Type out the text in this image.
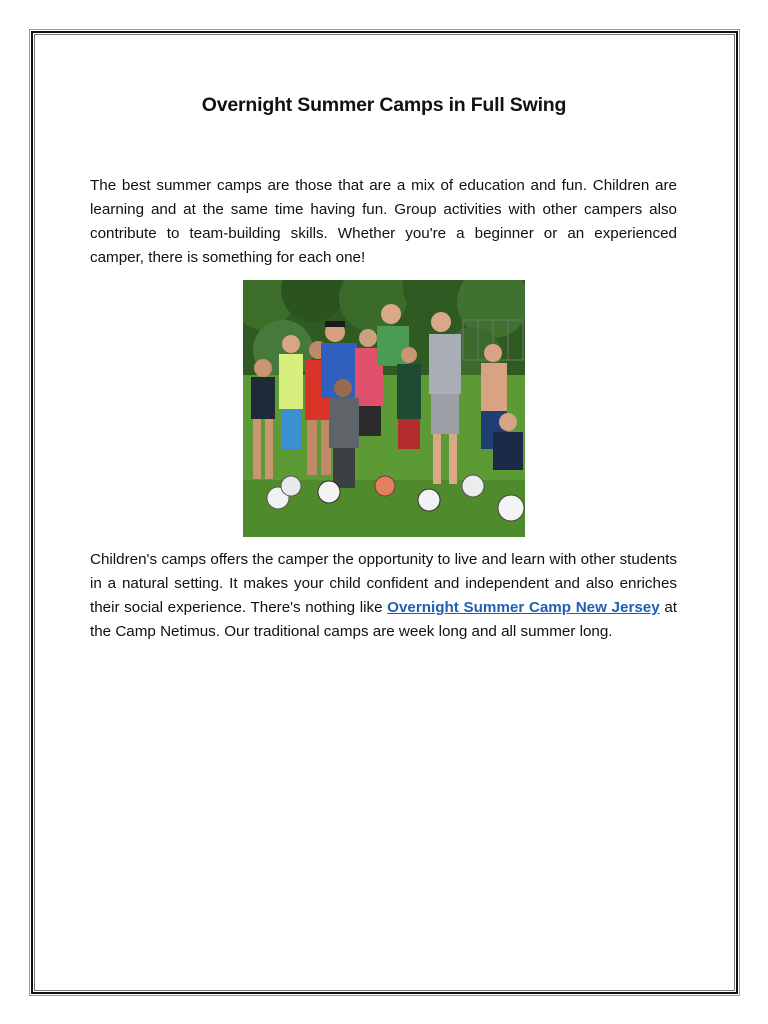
Overnight Summer Camps in Full Swing

The best summer camps are those that are a mix of education and fun. Children are learning and at the same time having fun. Group activities with other campers also contribute to team-building skills. Whether you're a beginner or an experienced camper, there is something for each one!

Children's camps offers the camper the opportunity to live and learn with other students in a natural setting. It makes your child confident and independent and also enriches their social experience. There's nothing like Overnight Summer Camp New Jersey at the Camp Netimus. Our traditional camps are week long and all summer long.
